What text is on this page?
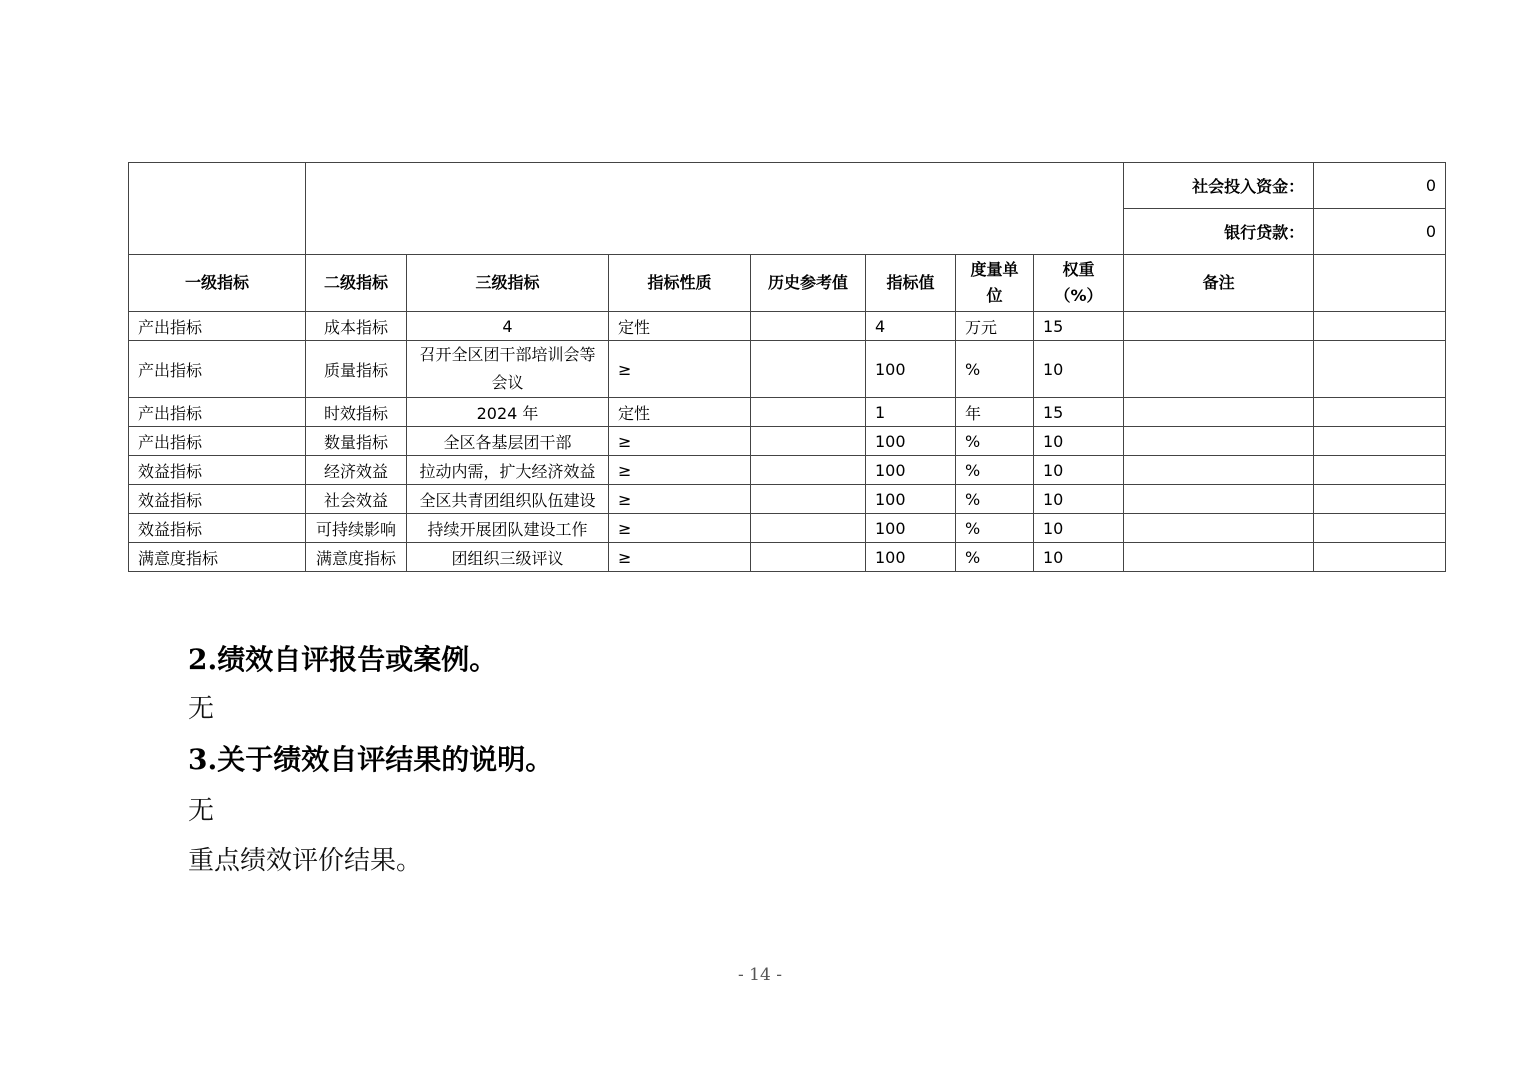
								社会投入资金：	0
								银行贷款：	0
一级指标	二级指标	三级指标	指标性质	历史参考值	指标值	度量单位	权重（%）	备注	
产出指标	成本指标	4	定性		4	万元	15		
产出指标	质量指标	召开全区团干部培训会等会议	≥		100	%	10		
产出指标	时效指标	2024 年	定性		1	年	15		
产出指标	数量指标	全区各基层团干部	≥		100	%	10		
效益指标	经济效益	拉动内需，扩大经济效益	≥		100	%	10		
效益指标	社会效益	全区共青团组织队伍建设	≥		100	%	10		
效益指标	可持续影响	持续开展团队建设工作	≥		100	%	10		
满意度指标	满意度指标	团组织三级评议	≥		100	%	10		
2.绩效自评报告或案例。

无

3.关于绩效自评结果的说明。

无

重点绩效评价结果。

- 14 -
